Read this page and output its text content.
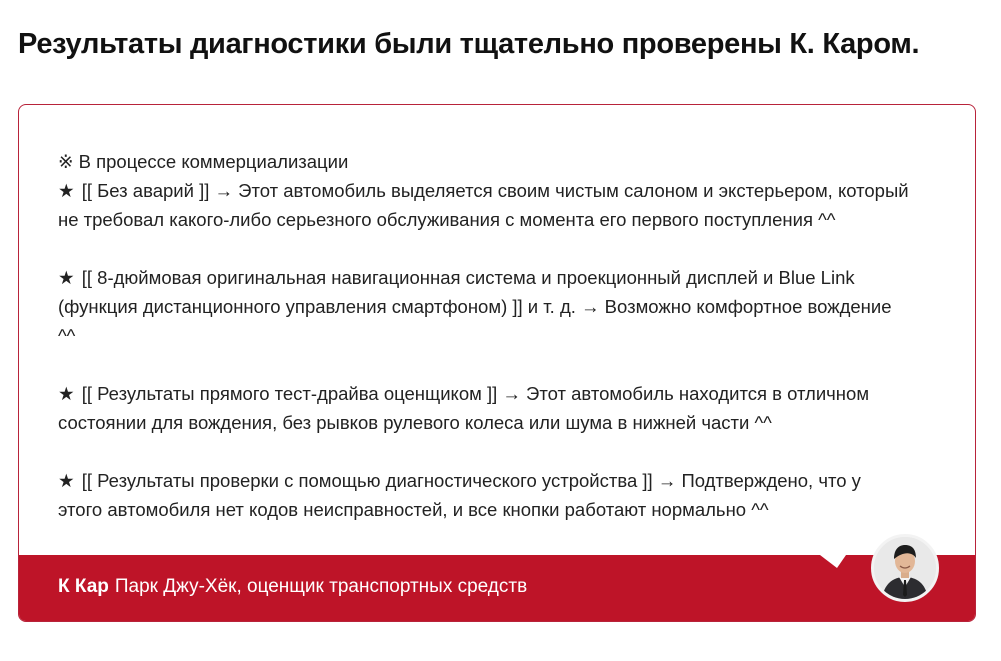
Результаты диагностики были тщательно проверены К. Каром.

※ В процессе коммерциализации

★ [[ Без аварий ]] → Этот автомобиль выделяется своим чистым салоном и экстерьером, который
не требовал какого-либо серьезного обслуживания с момента его первого поступления ^^
★ [[ 8-дюймовая оригинальная навигационная система и проекционный дисплей и Blue Link
(функция дистанционного управления смартфоном) ]] и т. д. → Возможно комфортное вождение
^^
★ [[ Результаты прямого тест-драйва оценщиком ]] → Этот автомобиль находится в отличном
состоянии для вождения, без рывков рулевого колеса или шума в нижней части ^^
★ [[ Результаты проверки с помощью диагностического устройства ]] → Подтверждено, что у
этого автомобиля нет кодов неисправностей, и все кнопки работают нормально ^^
К Кар Парк Джу-Хёк, оценщик транспортных средств
